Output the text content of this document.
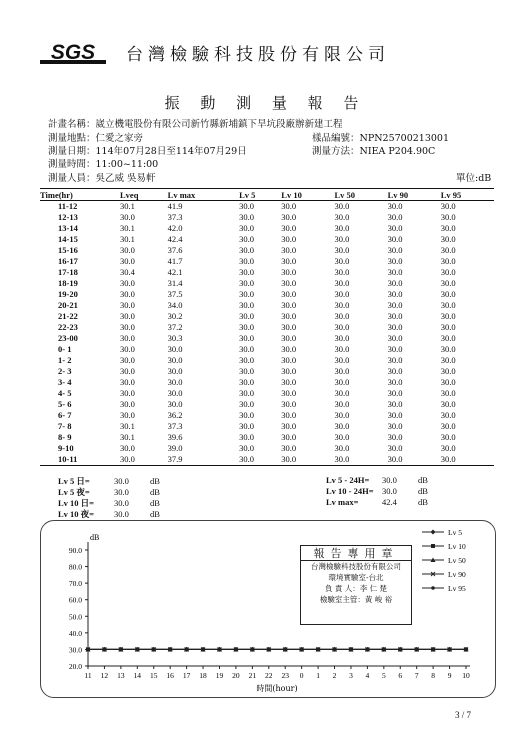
SGS 台灣檢驗科技股份有限公司
振 動 測 量 報 告
計畫名稱：崴立機電股份有限公司新竹縣新埔鎮下旱坑段廠辦新建工程
測量地點：仁愛之家旁	樣品編號：NPN25700213001
測量日期：114年07月28日至114年07月29日	測量方法：NIEA P204.90C
測量時間：11:00~11:00
測量人員：吳乙威 吳易軒	單位:dB
Time(hr)	Lveq	Lv max	Lv 5	Lv 10	Lv 50	Lv 90	Lv 95
11-12	30.1	41.9	30.0	30.0	30.0	30.0	30.0
12-13	30.0	37.3	30.0	30.0	30.0	30.0	30.0
13-14	30.1	42.0	30.0	30.0	30.0	30.0	30.0
14-15	30.1	42.4	30.0	30.0	30.0	30.0	30.0
15-16	30.0	37.6	30.0	30.0	30.0	30.0	30.0
16-17	30.0	41.7	30.0	30.0	30.0	30.0	30.0
17-18	30.4	42.1	30.0	30.0	30.0	30.0	30.0
18-19	30.0	31.4	30.0	30.0	30.0	30.0	30.0
19-20	30.0	37.5	30.0	30.0	30.0	30.0	30.0
20-21	30.0	34.0	30.0	30.0	30.0	30.0	30.0
21-22	30.0	30.2	30.0	30.0	30.0	30.0	30.0
22-23	30.0	37.2	30.0	30.0	30.0	30.0	30.0
23-00	30.0	30.3	30.0	30.0	30.0	30.0	30.0
0- 1	30.0	30.0	30.0	30.0	30.0	30.0	30.0
1- 2	30.0	30.0	30.0	30.0	30.0	30.0	30.0
2- 3	30.0	30.0	30.0	30.0	30.0	30.0	30.0
3- 4	30.0	30.0	30.0	30.0	30.0	30.0	30.0
4- 5	30.0	30.0	30.0	30.0	30.0	30.0	30.0
5- 6	30.0	30.0	30.0	30.0	30.0	30.0	30.0
6- 7	30.0	36.2	30.0	30.0	30.0	30.0	30.0
7- 8	30.1	37.3	30.0	30.0	30.0	30.0	30.0
8- 9	30.1	39.6	30.0	30.0	30.0	30.0	30.0
9-10	30.0	39.0	30.0	30.0	30.0	30.0	30.0
10-11	30.0	37.9	30.0	30.0	30.0	30.0	30.0
Lv 5 日=	30.0 dB
Lv 5 夜=	30.0 dB
Lv 10 日= 30.0 dB
Lv 10 夜= 30.0 dB
Lv 5 - 24H= 30.0 dB
Lv 10 - 24H= 30.0 dB
Lv max=	42.4 dB
dB
90.0
80.0
70.0
60.0
50.0
40.0
30.0
20.0
11 12 13 14 15 16 17 18 19 20 21 22 23 0 1 2 3 4 5 6 7 8 9 10
時間(hour)
Lv 5
Lv 10
Lv 50
Lv 90
Lv 95
報告專用章
台灣檢驗科技股份有限公司
環境實驗室-台北
負 責 人：李 仁 楚
檢驗室主管：黃 峻 裕
3 / 7
